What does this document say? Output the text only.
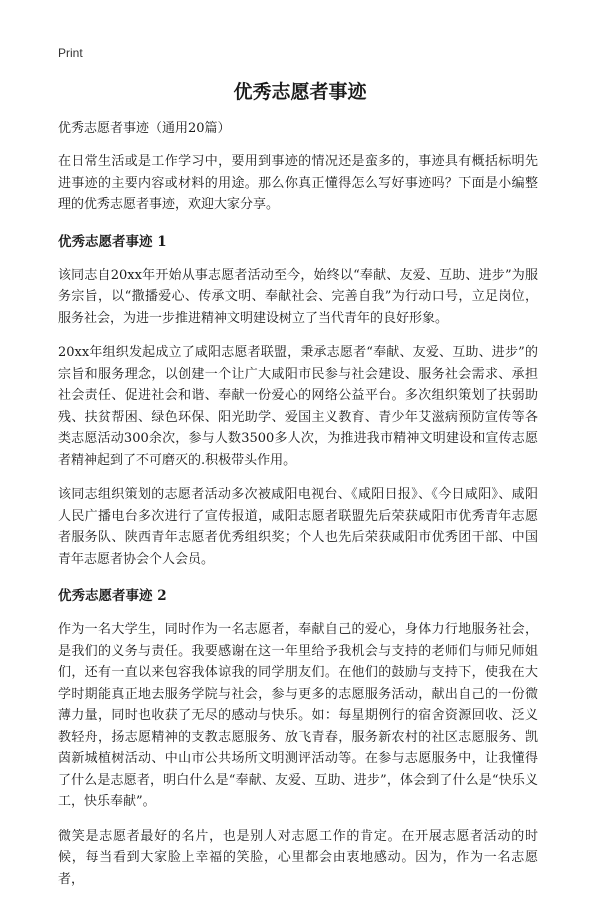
Print
优秀志愿者事迹

优秀志愿者事迹（通用20篇）

在日常生活或是工作学习中，要用到事迹的情况还是蛮多的，事迹具有概括标明先进事迹的主要内容或材料的用途。那么你真正懂得怎么写好事迹吗？下面是小编整理的优秀志愿者事迹，欢迎大家分享。

优秀志愿者事迹 1

该同志自20xx年开始从事志愿者活动至今，始终以“奉献、友爱、互助、进步”为服务宗旨，以“撒播爱心、传承文明、奉献社会、完善自我”为行动口号，立足岗位，服务社会，为进一步推进精神文明建设树立了当代青年的良好形象。

20xx年组织发起成立了咸阳志愿者联盟，秉承志愿者“奉献、友爱、互助、进步”的宗旨和服务理念，以创建一个让广大咸阳市民参与社会建设、服务社会需求、承担社会责任、促进社会和谐、奉献一份爱心的网络公益平台。多次组织策划了扶弱助残、扶贫帮困、绿色环保、阳光助学、爱国主义教育、青少年艾滋病预防宣传等各类志愿活动300余次，参与人数3500多人次，为推进我市精神文明建设和宣传志愿者精神起到了不可磨灭的.积极带头作用。

该同志组织策划的志愿者活动多次被咸阳电视台、《咸阳日报》、《今日咸阳》、咸阳人民广播电台多次进行了宣传报道，咸阳志愿者联盟先后荣获咸阳市优秀青年志愿者服务队、陕西青年志愿者优秀组织奖；个人也先后荣获咸阳市优秀团干部、中国青年志愿者协会个人会员。

优秀志愿者事迹 2

作为一名大学生，同时作为一名志愿者，奉献自己的爱心，身体力行地服务社会，是我们的义务与责任。我要感谢在这一年里给予我机会与支持的老师们与师兄师姐们，还有一直以来包容我体谅我的同学朋友们。在他们的鼓励与支持下，使我在大学时期能真正地去服务学院与社会，参与更多的志愿服务活动，献出自己的一份微薄力量，同时也收获了无尽的感动与快乐。如：每星期例行的宿舍资源回收、泛义教轻舟，扬志愿精神的支教志愿服务、放飞青春，服务新农村的社区志愿服务、凯茵新城植树活动、中山市公共场所文明测评活动等。在参与志愿服务中，让我懂得了什么是志愿者，明白什么是“奉献、友爱、互助、进步”，体会到了什么是“快乐义工，快乐奉献”。

微笑是志愿者最好的名片，也是别人对志愿工作的肯定。在开展志愿者活动的时候，每当看到大家脸上幸福的笑脸，心里都会由衷地感动。因为，作为一名志愿者，
